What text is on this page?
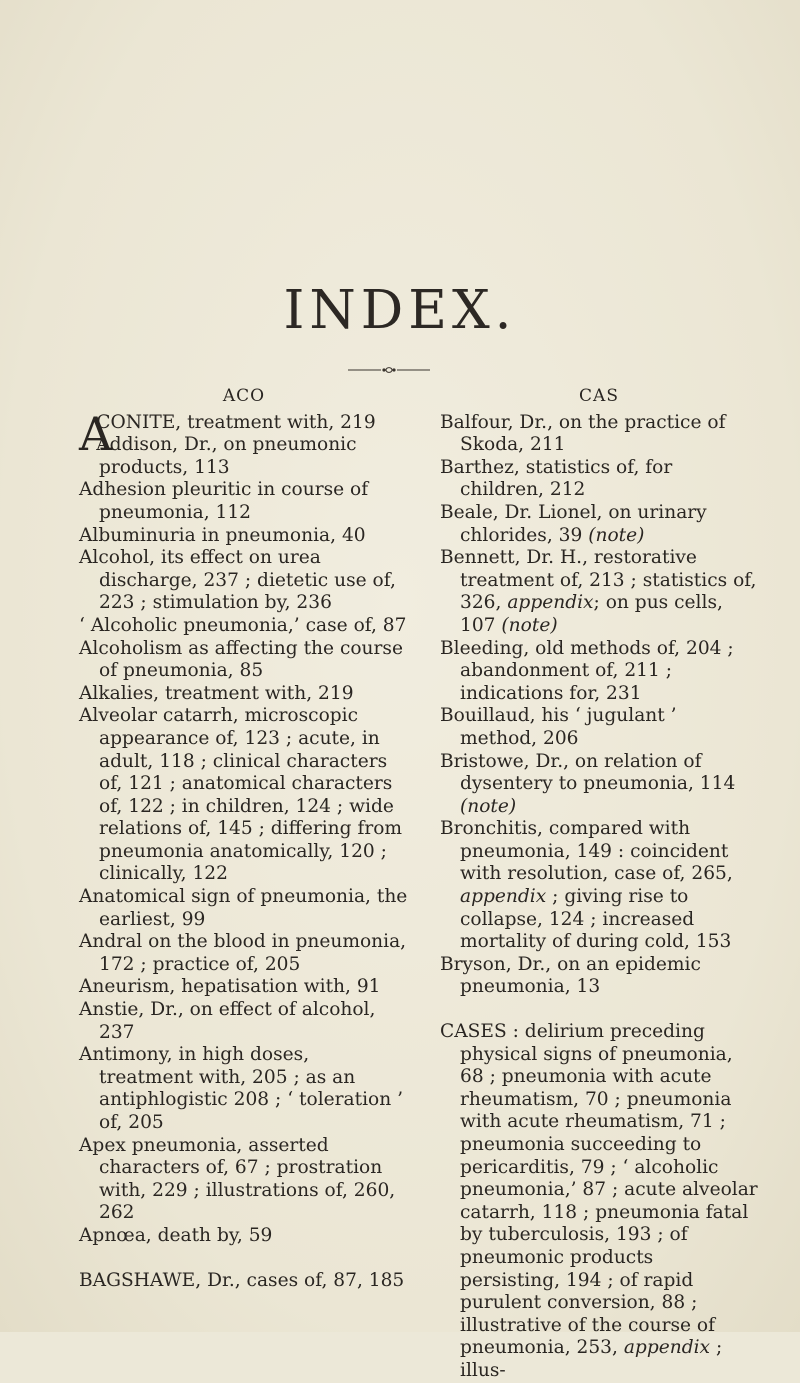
INDEX.
ACO

A
CONITE, treatment with, 219

Addison, Dr., on pneumonic products, 113

Adhesion pleuritic in course of pneumonia, 112

Albuminuria in pneumonia, 40

Alcohol, its effect on urea discharge, 237 ; dietetic use of, 223 ; stimulation by, 236

‘ Alcoholic pneumonia,’ case of, 87

Alcoholism as affecting the course of pneumonia, 85

Alkalies, treatment with, 219

Alveolar catarrh, microscopic appearance of, 123 ; acute, in adult, 118 ; clinical characters of, 121 ; anatomical characters of, 122 ; in children, 124 ; wide relations of, 145 ; differing from pneumonia anatomically, 120 ; clinically, 122

Anatomical sign of pneumonia, the earliest, 99

Andral on the blood in pneumonia, 172 ; practice of, 205

Aneurism, hepatisation with, 91

Anstie, Dr., on effect of alcohol, 237

Antimony, in high doses, treatment with, 205 ; as an antiphlogistic 208 ; ‘ toleration ’ of, 205

Apex pneumonia, asserted characters of, 67 ; prostration with, 229 ; illustrations of, 260, 262

Apnœa, death by, 59

BAGSHAWE, Dr., cases of, 87, 185

CAS

Balfour, Dr., on the practice of Skoda, 211

Barthez, statistics of, for children, 212

Beale, Dr. Lionel, on urinary chlorides, 39 (note)

Bennett, Dr. H., restorative treatment of, 213 ; statistics of, 326, appendix; on pus cells, 107 (note)

Bleeding, old methods of, 204 ; abandonment of, 211 ; indications for, 231

Bouillaud, his ‘ jugulant ’ method, 206

Bristowe, Dr., on relation of dysentery to pneumonia, 114 (note)

Bronchitis, compared with pneumonia, 149 : coincident with resolution, case of, 265, appendix ; giving rise to collapse, 124 ; increased mortality of during cold, 153

Bryson, Dr., on an epidemic pneumonia, 13

CASES : delirium preceding physical signs of pneumonia, 68 ; pneumonia with acute rheumatism, 70 ; pneumonia with acute rheumatism, 71 ; pneumonia succeeding to pericarditis, 79 ; ‘ alcoholic pneumonia,’ 87 ; acute alveolar catarrh, 118 ; pneumonia fatal by tuberculosis, 193 ; of pneumonic products persisting, 194 ; of rapid purulent conversion, 88 ; illustrative of the course of pneumonia, 253, appendix ; illus-
